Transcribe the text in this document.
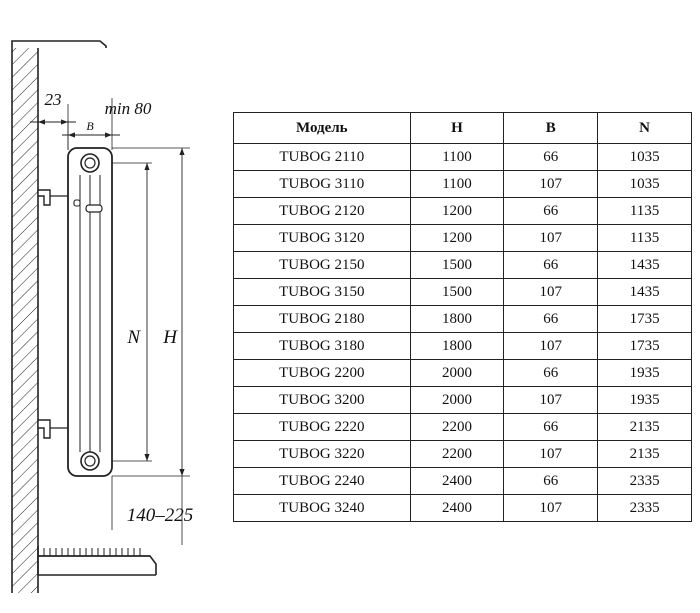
23	min 80
B
N H
140–225
Модель	H	B	N
TUBOG 2110	1100	66	1035
TUBOG 3110	1100	107	1035
TUBOG 2120	1200	66	1135
TUBOG 3120	1200	107	1135
TUBOG 2150	1500	66	1435
TUBOG 3150	1500	107	1435
TUBOG 2180	1800	66	1735
TUBOG 3180	1800	107	1735
TUBOG 2200	2000	66	1935
TUBOG 3200	2000	107	1935
TUBOG 2220	2200	66	2135
TUBOG 3220	2200	107	2135
TUBOG 2240	2400	66	2335
TUBOG 3240	2400	107	2335
